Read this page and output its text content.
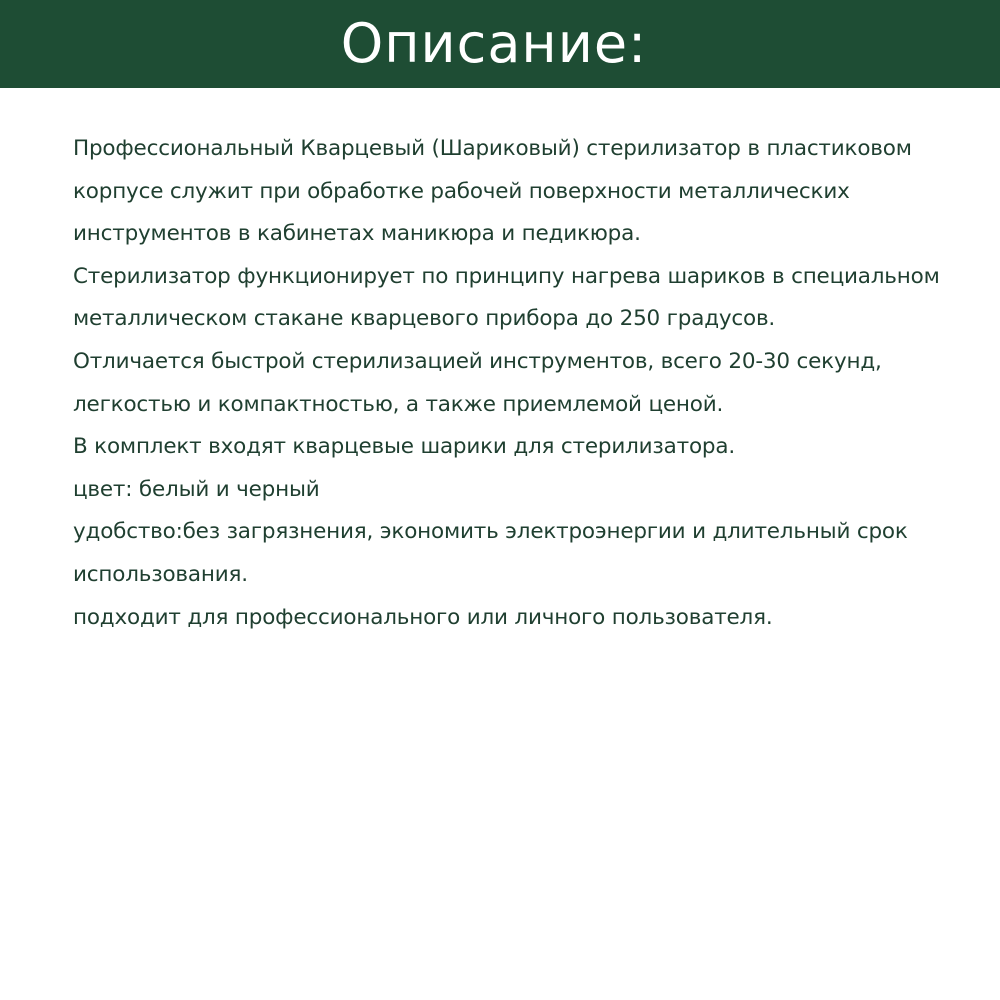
Описание:
Профессиональный Кварцевый (Шариковый) стерилизатор в пластиковом
корпусе служит при обработке рабочей поверхности металлических
инструментов в кабинетах маникюра и педикюра.
Стерилизатор функционирует по принципу нагрева шариков в специальном
металлическом стакане кварцевого прибора до 250 градусов.
Отличается быстрой стерилизацией инструментов, всего 20-30 секунд,
легкостью и компактностью, а также приемлемой ценой.
В комплект входят кварцевые шарики для стерилизатора.
цвет: белый и черный
удобство:без загрязнения, экономить электроэнергии и длительный срок
использования.
подходит для профессионального или личного пользователя.
